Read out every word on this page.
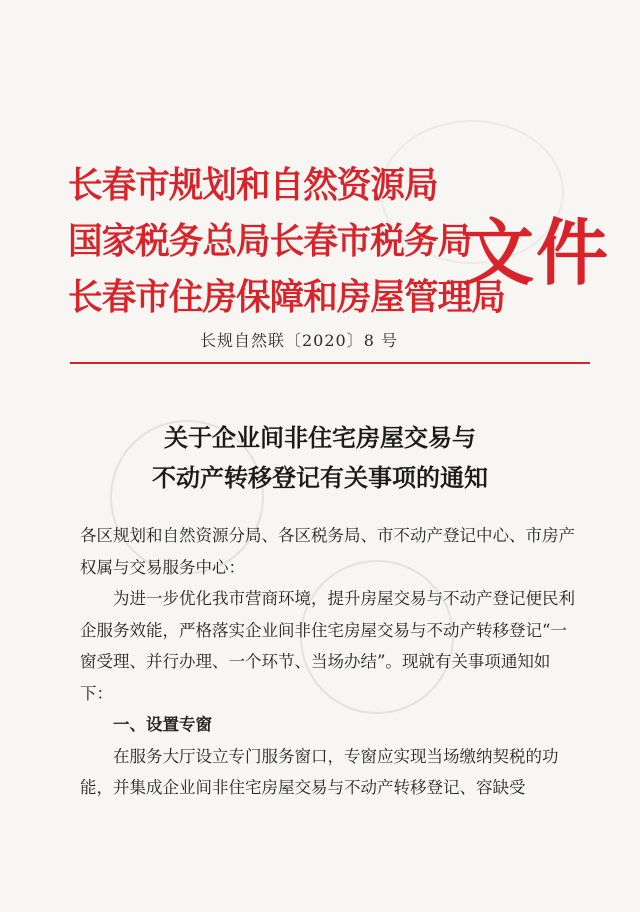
长春市规划和自然资源局
国家税务总局长春市税务局
长春市住房保障和房屋管理局
文件
长规自然联〔2020〕8 号
关于企业间非住宅房屋交易与
不动产转移登记有关事项的通知

各区规划和自然资源分局、各区税务局、市不动产登记中心、市房产权属与交易服务中心：

为进一步优化我市营商环境，提升房屋交易与不动产登记便民利企服务效能，严格落实企业间非住宅房屋交易与不动产转移登记“一窗受理、并行办理、一个环节、当场办结”。现就有关事项通知如下：

一、设置专窗

在服务大厅设立专门服务窗口，专窗应实现当场缴纳契税的功能，并集成企业间非住宅房屋交易与不动产转移登记、容缺受
